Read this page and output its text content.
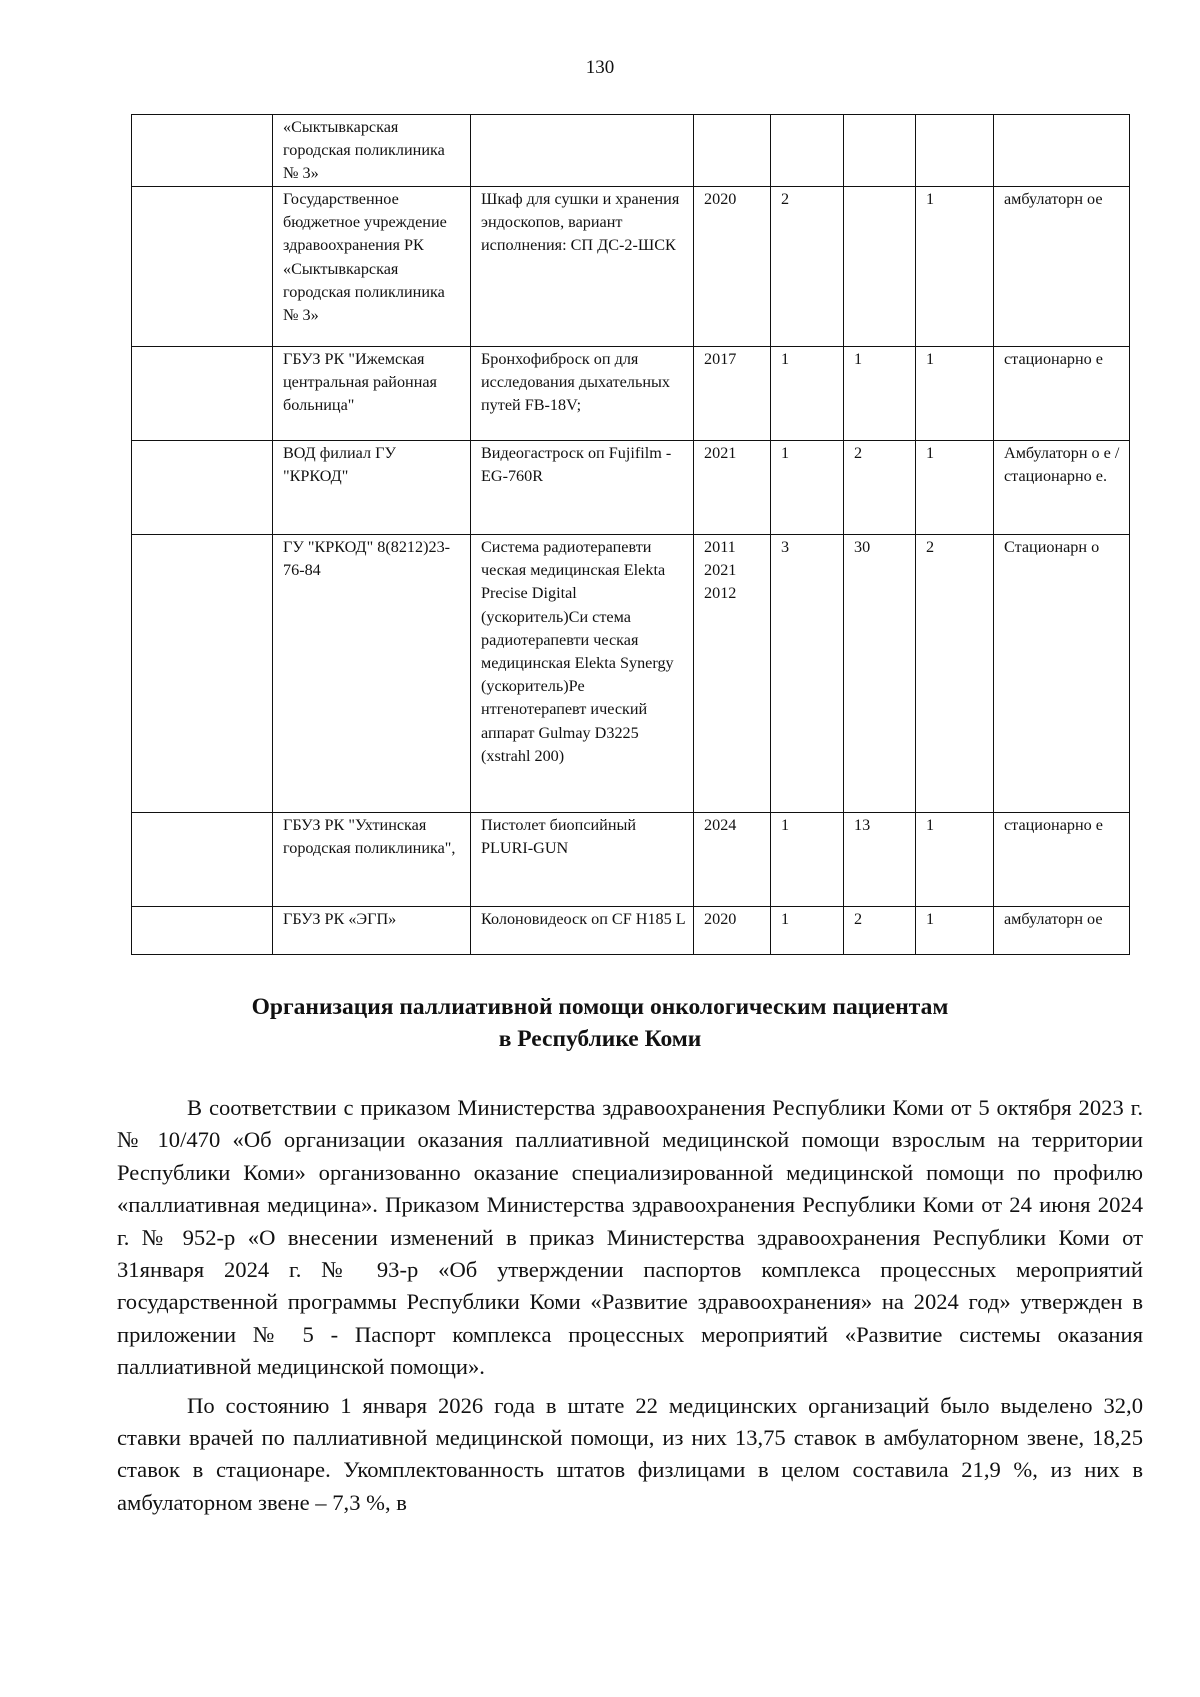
130
	«Сыктывкарская городская поликлиника № 3»						
	Государственное бюджетное учреждение здравоохранения РК «Сыктывкарская городская поликлиника № 3»	Шкаф для сушки и хранения эндоскопов, вариант исполнения: СП ДС-2-ШСК	2020	2		1	амбулаторн ое
	ГБУЗ РК "Ижемская центральная районная больница"	Бронхофиброск оп для исследования дыхательных путей FB-18V;	2017	1	1	1	стационарно е
	ВОД филиал ГУ "КРКОД"	Видеогастроск оп Fujifilm - EG-760R	2021	1	2	1	Амбулаторн о е / стационарно е.
	ГУ "КРКОД" 8(8212)23-76-84	Система радиотерапевти ческая медицинская Elekta Precise Digital (ускоритель)Си стема радиотерапевти ческая медицинская Elekta Synergy (ускоритель)Ре нтгенотерапевт ический аппарат Gulmay D3225 (xstrahl 200)	2011 2021 2012	3	30	2	Стационарн о
	ГБУЗ РК "Ухтинская городская поликлиника",	Пистолет биопсийный PLURI-GUN	2024	1	13	1	стационарно е
	ГБУЗ РК «ЭГП»	Колоновидеоск оп CF H185 L	2020	1	2	1	амбулаторн ое
Организация паллиативной помощи онкологическим пациентам
в Республике Коми

В соответствии с приказом Министерства здравоохранения Республики Коми от 5 октября 2023 г. № 10/470 «Об организации оказания паллиативной медицинской помощи взрослым на территории Республики Коми» организованно оказание специализированной медицинской помощи по профилю «паллиативная медицина». Приказом Министерства здравоохранения Республики Коми от 24 июня 2024 г. № 952-р «О внесении изменений в приказ Министерства здравоохранения Республики Коми от 31января 2024 г. № 93-р «Об утверждении паспортов комплекса процессных мероприятий государственной программы Республики Коми «Развитие здравоохранения» на 2024 год» утвержден в приложении № 5 - Паспорт комплекса процессных мероприятий «Развитие системы оказания паллиативной медицинской помощи».

По состоянию 1 января 2026 года в штате 22 медицинских организаций было выделено 32,0 ставки врачей по паллиативной медицинской помощи, из них 13,75 ставок в амбулаторном звене, 18,25 ставок в стационаре. Укомплектованность штатов физлицами в целом составила 21,9 %, из них в амбулаторном звене – 7,3 %, в
